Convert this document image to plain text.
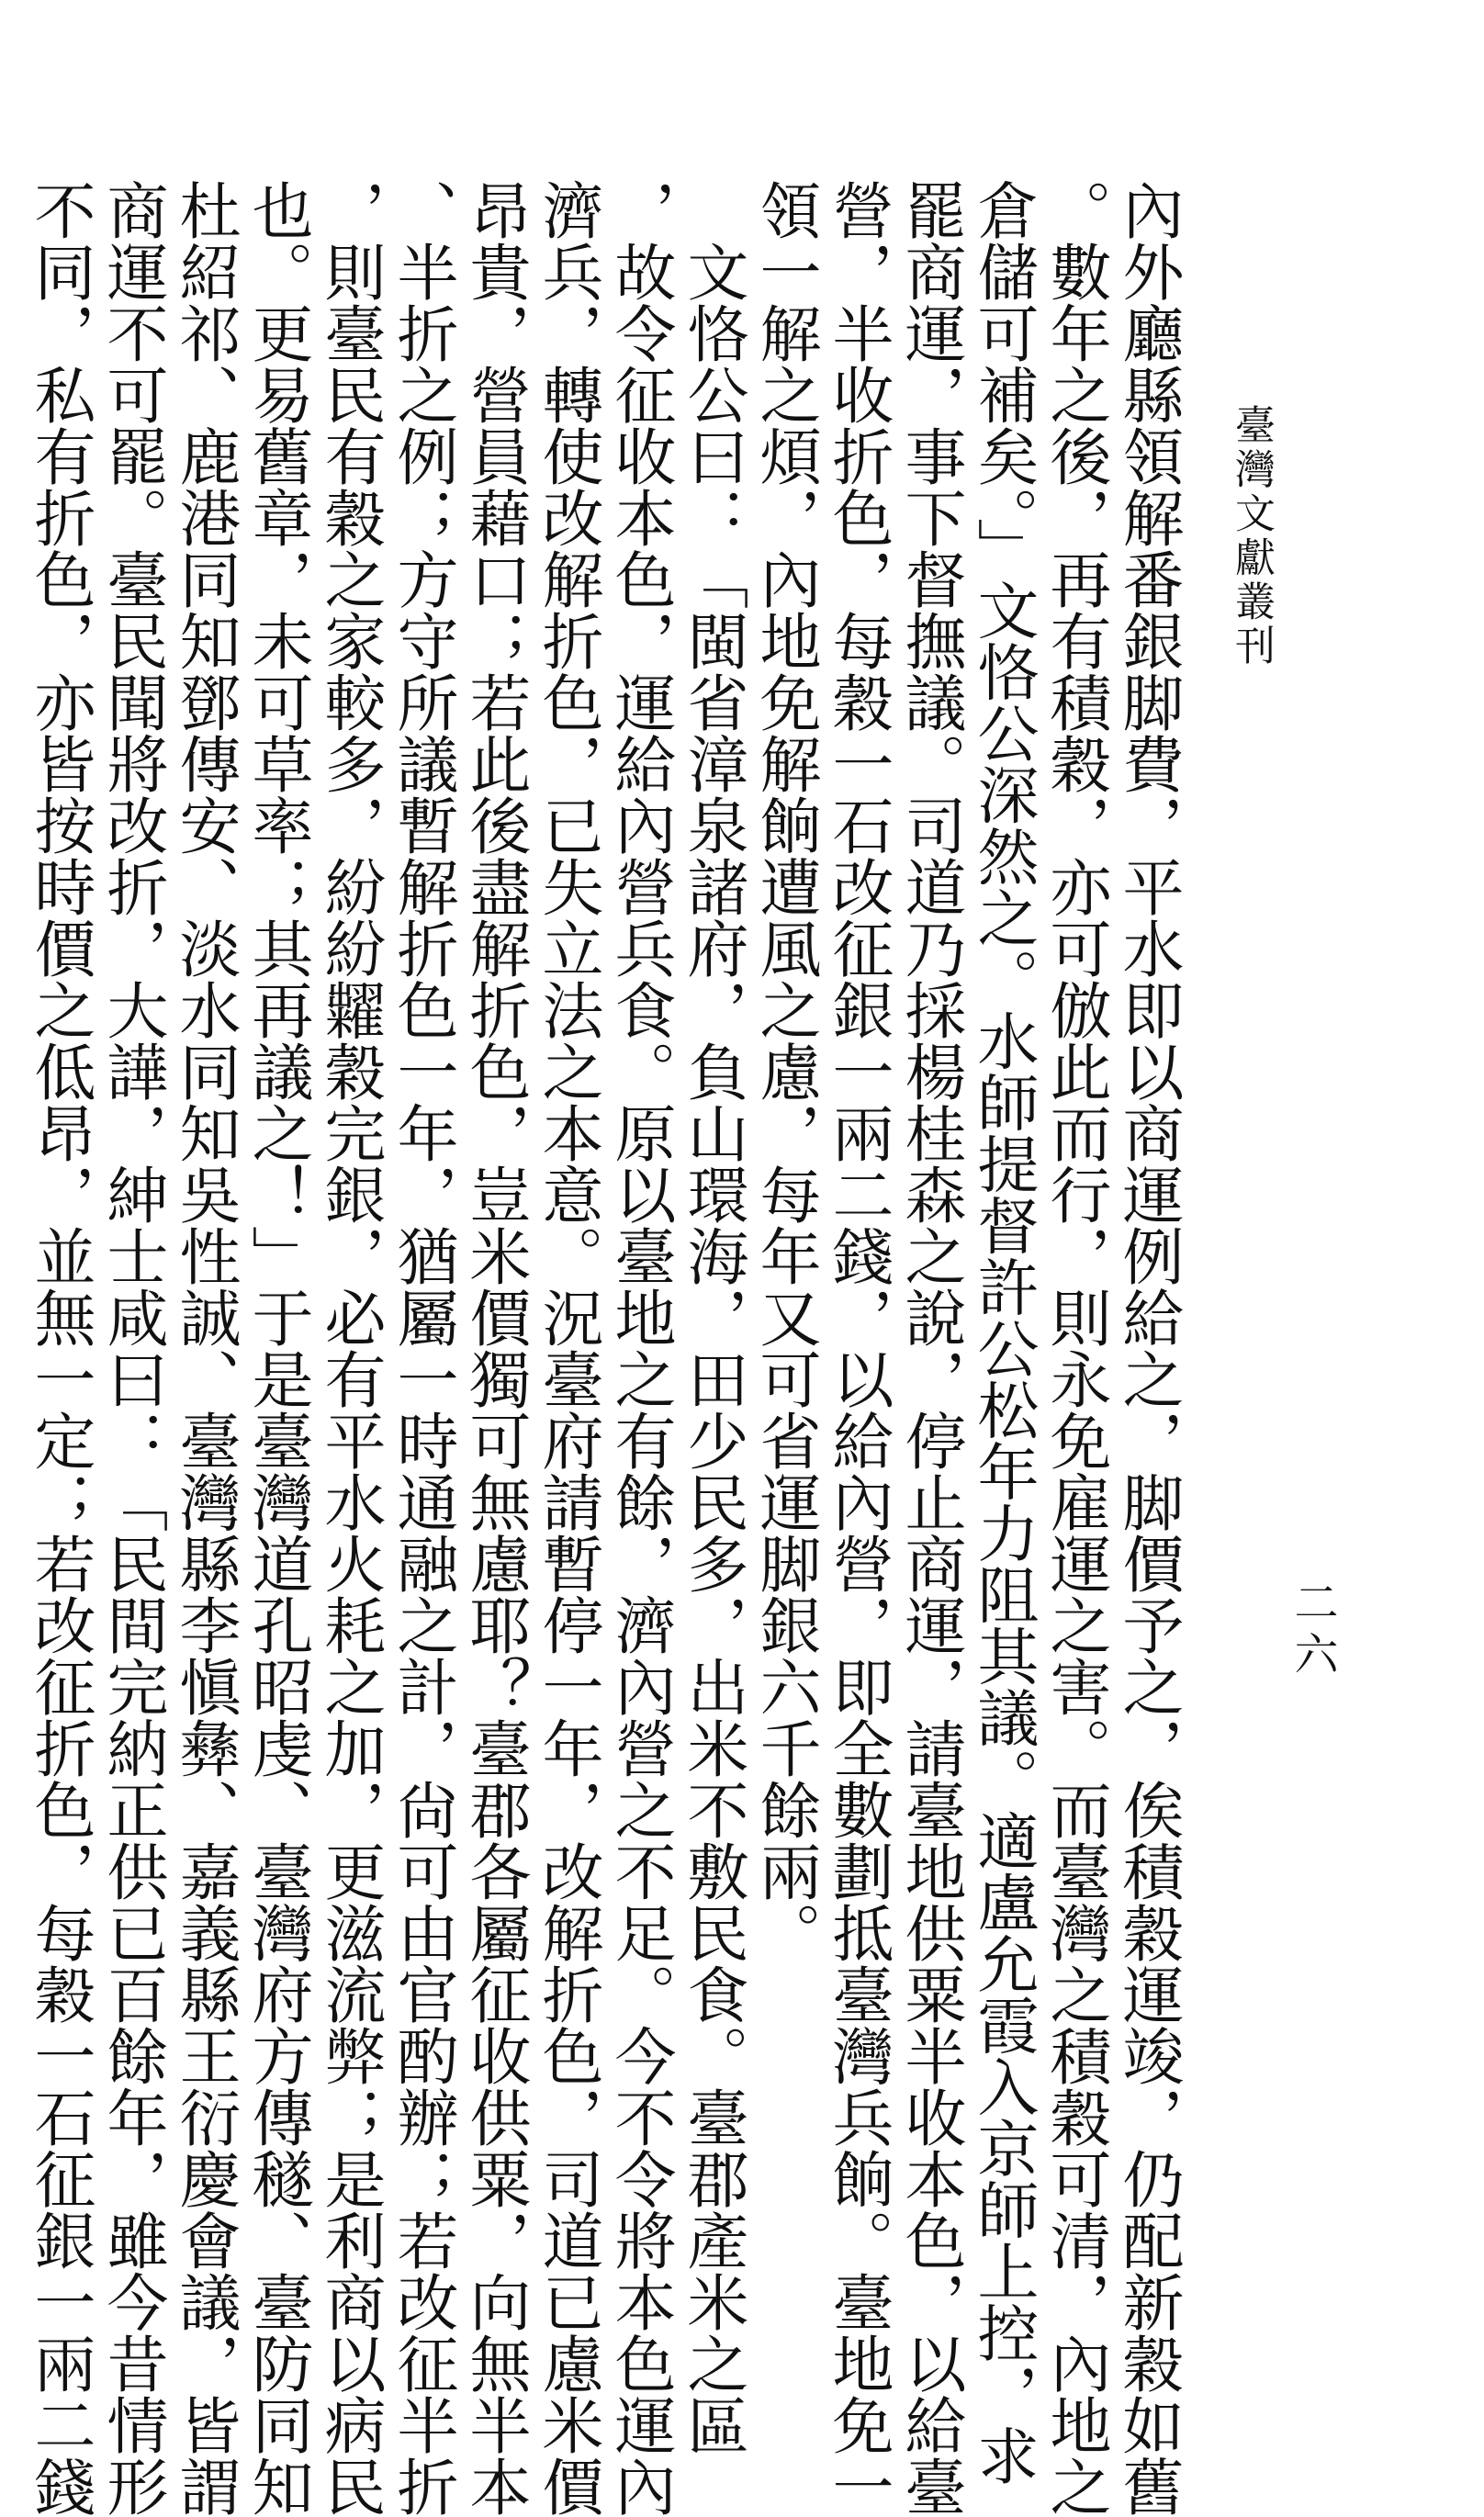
臺灣文獻叢刊
二六

內外廳縣領解番銀脚費，平水即以商運例給之，脚價予之，俟積穀運竣，仍配新穀如舊

。數年之後，再有積穀，亦可倣此而行，則永免雇運之害。而臺灣之積穀可清，內地之

倉儲可補矣。」文恪公深然之。水師提督許公松年力阻其議。適盧允霞入京師上控，求

罷商運，事下督撫議。司道乃採楊桂森之說，停止商運，請臺地供粟半收本色，以給臺

營，半收折色，每穀一石改征銀一兩二錢，以給內營，即全數劃抵臺灣兵餉。臺地免一

領一解之煩，內地免解餉遭風之慮，每年又可省運脚銀六千餘兩。

文恪公曰：「閩省漳泉諸府，負山環海，田少民多，出米不敷民食。臺郡產米之區

，故令征收本色，運給內營兵食。原以臺地之有餘，濟內營之不足。今不令將本色運內

濟兵，轉使改解折色，已失立法之本意。況臺府請暫停一年，改解折色，司道已慮米價

昂貴，營員藉口；若此後盡解折色，豈米價獨可無慮耶？臺郡各屬征收供粟，向無半本

、半折之例；方守所議暫解折色一年，猶屬一時通融之計，尙可由官酌辦；若改征半折

，則臺民有穀之家較多，紛紛糶穀完銀，必有平水火耗之加，更滋流弊；是利商以病民

也。更易舊章，未可草率；其再議之！」于是臺灣道孔昭虔、臺灣府方傳穟、臺防同知

杜紹祁、鹿港同知鄧傳安、淡水同知吳性誠、臺灣縣李愼彝、嘉義縣王衍慶會議，皆謂

商運不可罷。臺民聞將改折，大譁，紳士咸曰：「民間完納正供已百餘年，雖今昔情形

不同，私有折色，亦皆按時價之低昂，並無一定；若改征折色，每穀一石征銀一兩二錢
